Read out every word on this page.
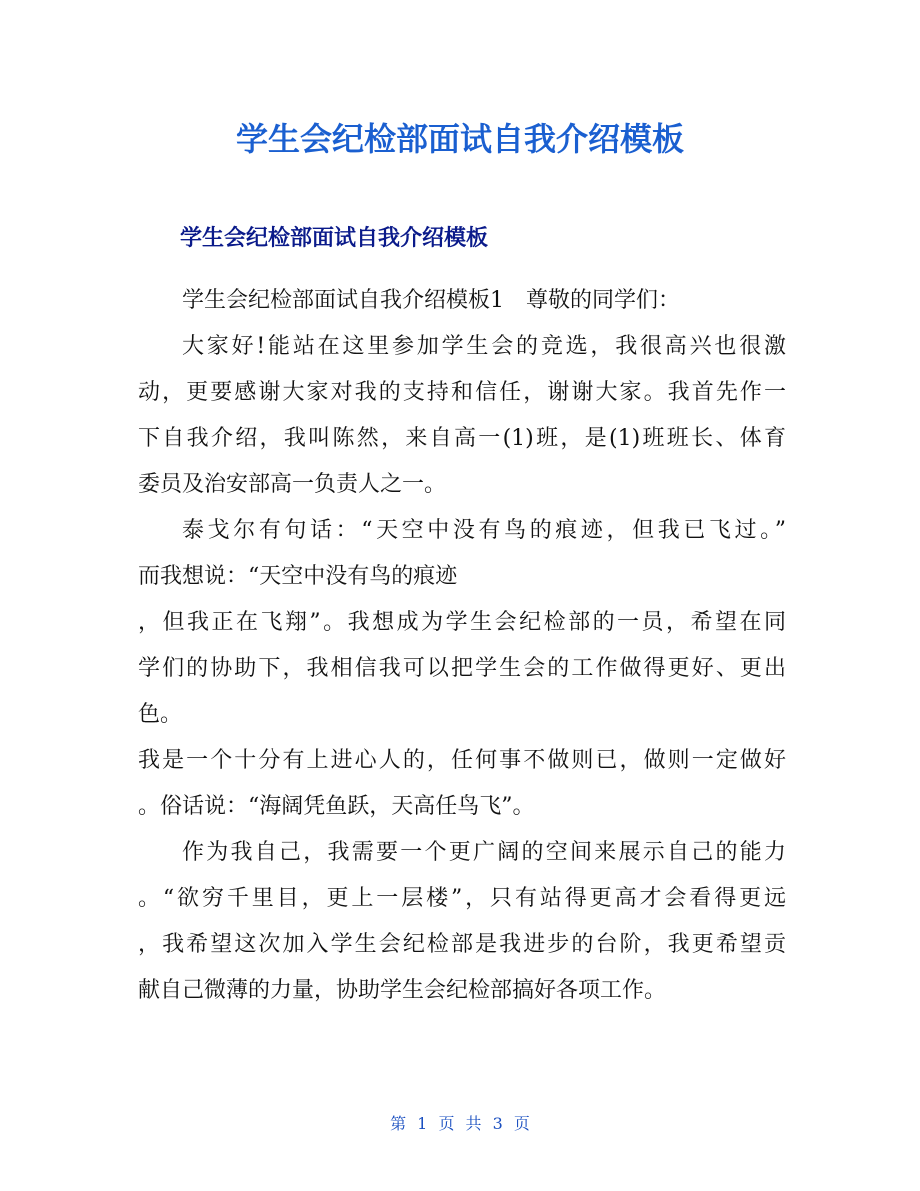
学生会纪检部面试自我介绍模板
学生会纪检部面试自我介绍模板

学生会纪检部面试自我介绍模板1　尊敬的同学们：

大家好!能站在这里参加学生会的竞选，我很高兴也很激

动，更要感谢大家对我的支持和信任，谢谢大家。我首先作一

下自我介绍，我叫陈然，来自高一(1)班，是(1)班班长、体育

委员及治安部高一负责人之一。

泰戈尔有句话：“天空中没有鸟的痕迹，但我已飞过。”

而我想说：“天空中没有鸟的痕迹

，但我正在飞翔”。我想成为学生会纪检部的一员，希望在同

学们的协助下，我相信我可以把学生会的工作做得更好、更出

色。

我是一个十分有上进心人的，任何事不做则已，做则一定做好

。俗话说：“海阔凭鱼跃，天高任鸟飞”。

作为我自己，我需要一个更广阔的空间来展示自己的能力

。“欲穷千里目，更上一层楼”，只有站得更高才会看得更远

，我希望这次加入学生会纪检部是我进步的台阶，我更希望贡

献自己微薄的力量，协助学生会纪检部搞好各项工作。

第 1 页 共 3 页
